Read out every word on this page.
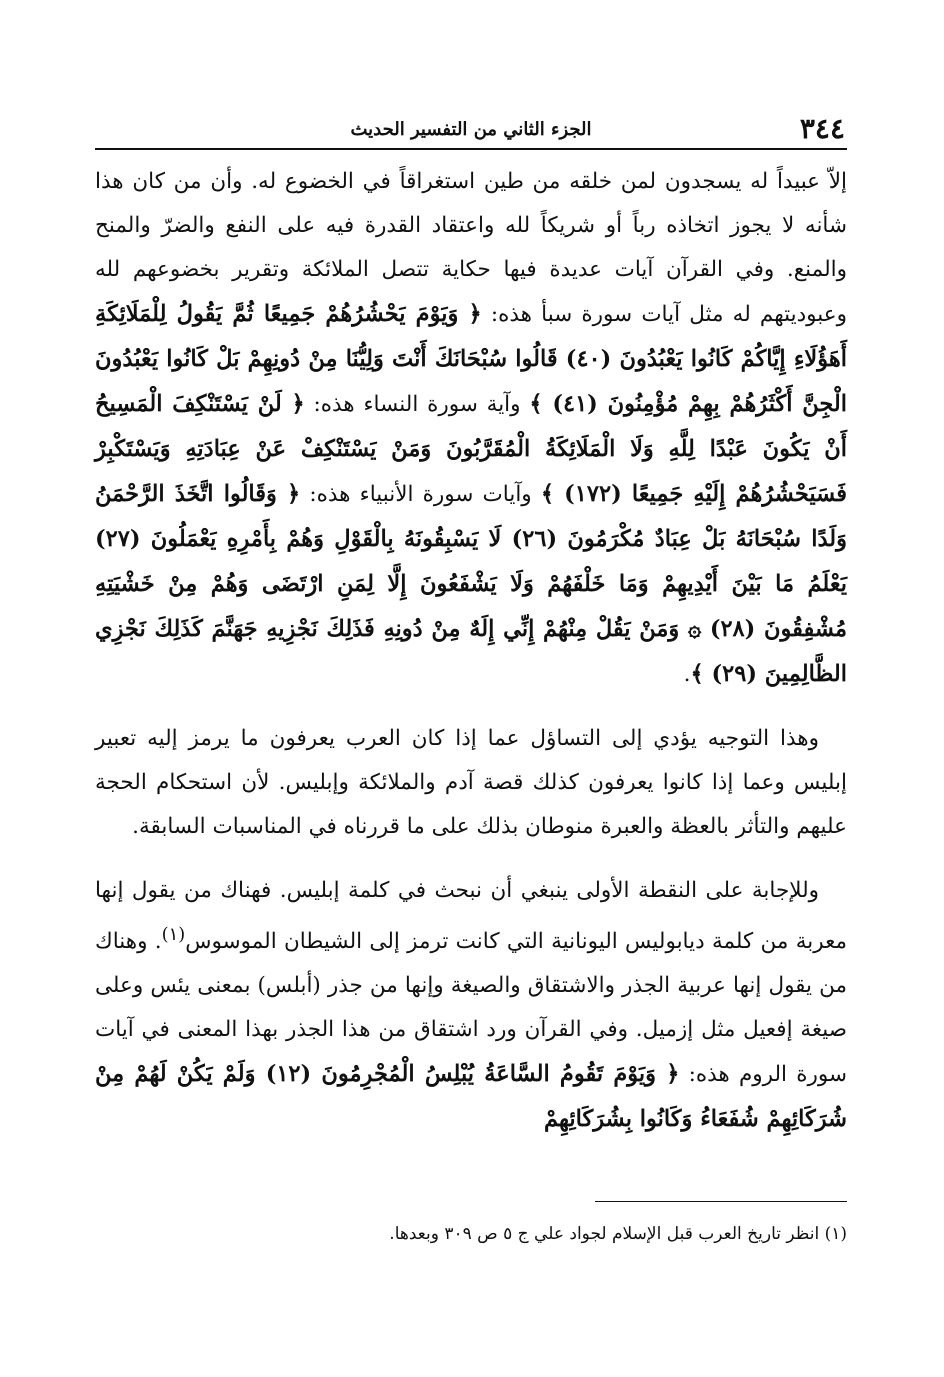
٣٤٤
الجزء الثاني من التفسير الحديث

إلاّ عبيداً له يسجدون لمن خلقه من طين استغراقاً في الخضوع له. وأن من كان هذا شأنه لا يجوز اتخاذه رباً أو شريكاً لله واعتقاد القدرة فيه على النفع والضرّ والمنح والمنع. وفي القرآن آيات عديدة فيها حكاية تتصل الملائكة وتقرير بخضوعهم لله وعبوديتهم له مثل آيات سورة سبأ هذه: ﴿ وَيَوْمَ يَحْشُرُهُمْ جَمِيعًا ثُمَّ يَقُولُ لِلْمَلَائِكَةِ أَهَؤُلَاءِ إِيَّاكُمْ كَانُوا يَعْبُدُونَ (٤٠) قَالُوا سُبْحَانَكَ أَنْتَ وَلِيُّنَا مِنْ دُونِهِمْ بَلْ كَانُوا يَعْبُدُونَ الْجِنَّ أَكْثَرُهُمْ بِهِمْ مُؤْمِنُونَ (٤١) ﴾ وآية سورة النساء هذه: ﴿ لَنْ يَسْتَنْكِفَ الْمَسِيحُ أَنْ يَكُونَ عَبْدًا لِلَّهِ وَلَا الْمَلَائِكَةُ الْمُقَرَّبُونَ وَمَنْ يَسْتَنْكِفْ عَنْ عِبَادَتِهِ وَيَسْتَكْبِرْ فَسَيَحْشُرُهُمْ إِلَيْهِ جَمِيعًا (١٧٢) ﴾ وآيات سورة الأنبياء هذه: ﴿ وَقَالُوا اتَّخَذَ الرَّحْمَنُ وَلَدًا سُبْحَانَهُ بَلْ عِبَادٌ مُكْرَمُونَ (٢٦) لَا يَسْبِقُونَهُ بِالْقَوْلِ وَهُمْ بِأَمْرِهِ يَعْمَلُونَ (٢٧) يَعْلَمُ مَا بَيْنَ أَيْدِيهِمْ وَمَا خَلْفَهُمْ وَلَا يَشْفَعُونَ إِلَّا لِمَنِ ارْتَضَى وَهُمْ مِنْ خَشْيَتِهِ مُشْفِقُونَ (٢٨) ۞ وَمَنْ يَقُلْ مِنْهُمْ إِنِّي إِلَهٌ مِنْ دُونِهِ فَذَلِكَ نَجْزِيهِ جَهَنَّمَ كَذَلِكَ نَجْزِي الظَّالِمِينَ (٢٩) ﴾.

وهذا التوجيه يؤدي إلى التساؤل عما إذا كان العرب يعرفون ما يرمز إليه تعبير إبليس وعما إذا كانوا يعرفون كذلك قصة آدم والملائكة وإبليس. لأن استحكام الحجة عليهم والتأثر بالعظة والعبرة منوطان بذلك على ما قررناه في المناسبات السابقة.

وللإجابة على النقطة الأولى ينبغي أن نبحث في كلمة إبليس. فهناك من يقول إنها معربة من كلمة ديابوليس اليونانية التي كانت ترمز إلى الشيطان الموسوس$^{(١)}$. وهناك من يقول إنها عربية الجذر والاشتقاق والصيغة وإنها من جذر (أبلس) بمعنى يئس وعلى صيغة إفعيل مثل إزميل. وفي القرآن ورد اشتقاق من هذا الجذر بهذا المعنى في آيات سورة الروم هذه: ﴿ وَيَوْمَ تَقُومُ السَّاعَةُ يُبْلِسُ الْمُجْرِمُونَ (١٢) وَلَمْ يَكُنْ لَهُمْ مِنْ شُرَكَائِهِمْ شُفَعَاءُ وَكَانُوا بِشُرَكَائِهِمْ

(١) انظر تاريخ العرب قبل الإسلام لجواد علي ج ٥ ص ٣٠٩ وبعدها.
